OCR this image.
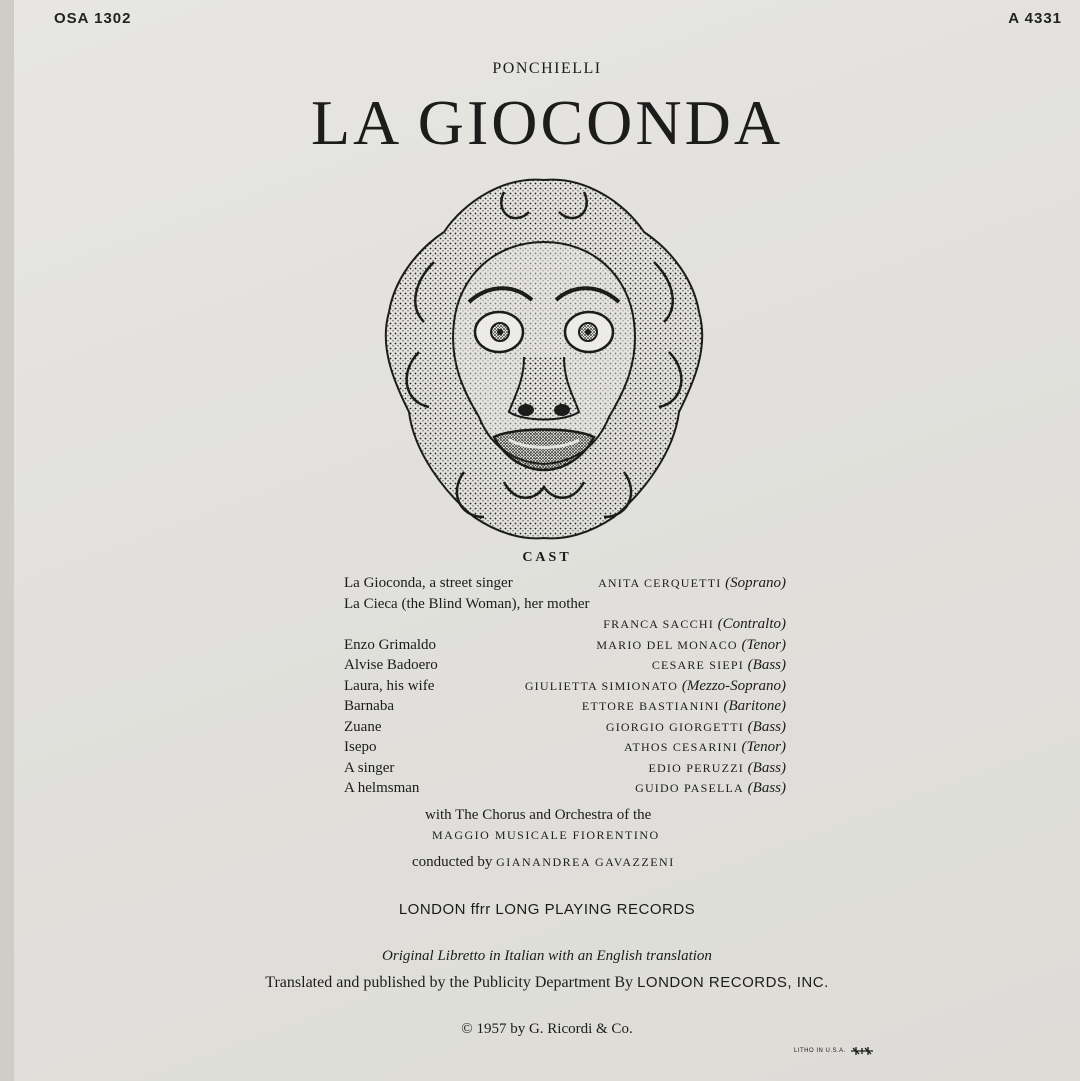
OSA 1302	A 4331
PONCHIELLI
LA GIOCONDA
CAST
La Gioconda, a street singer	ANITA CERQUETTI (Soprano)
La Cieca (the Blind Woman), her mother
FRANCA SACCHI (Contralto)
Enzo Grimaldo	MARIO DEL MONACO (Tenor)
Alvise Badoero	CESARE SIEPI (Bass)
Laura, his wife	GIULIETTA SIMIONATO (Mezzo-Soprano)
Barnaba	ETTORE BASTIANINI (Baritone)
Zuane	GIORGIO GIORGETTI (Bass)
Isepo	ATHOS CESARINI (Tenor)
A singer	EDIO PERUZZI (Bass)
A helmsman	GUIDO PASELLA (Bass)
with The Chorus and Orchestra of the
MAGGIO MUSICALE FIORENTINO
conducted by GIANANDREA GAVAZZENI
LONDON ffrr LONG PLAYING RECORDS
Original Libretto in Italian with an English translation
Translated and published by the Publicity Department By LONDON RECORDS, INC.
© 1957 by G. Ricordi & Co.
LITHO IN U.S.A.
